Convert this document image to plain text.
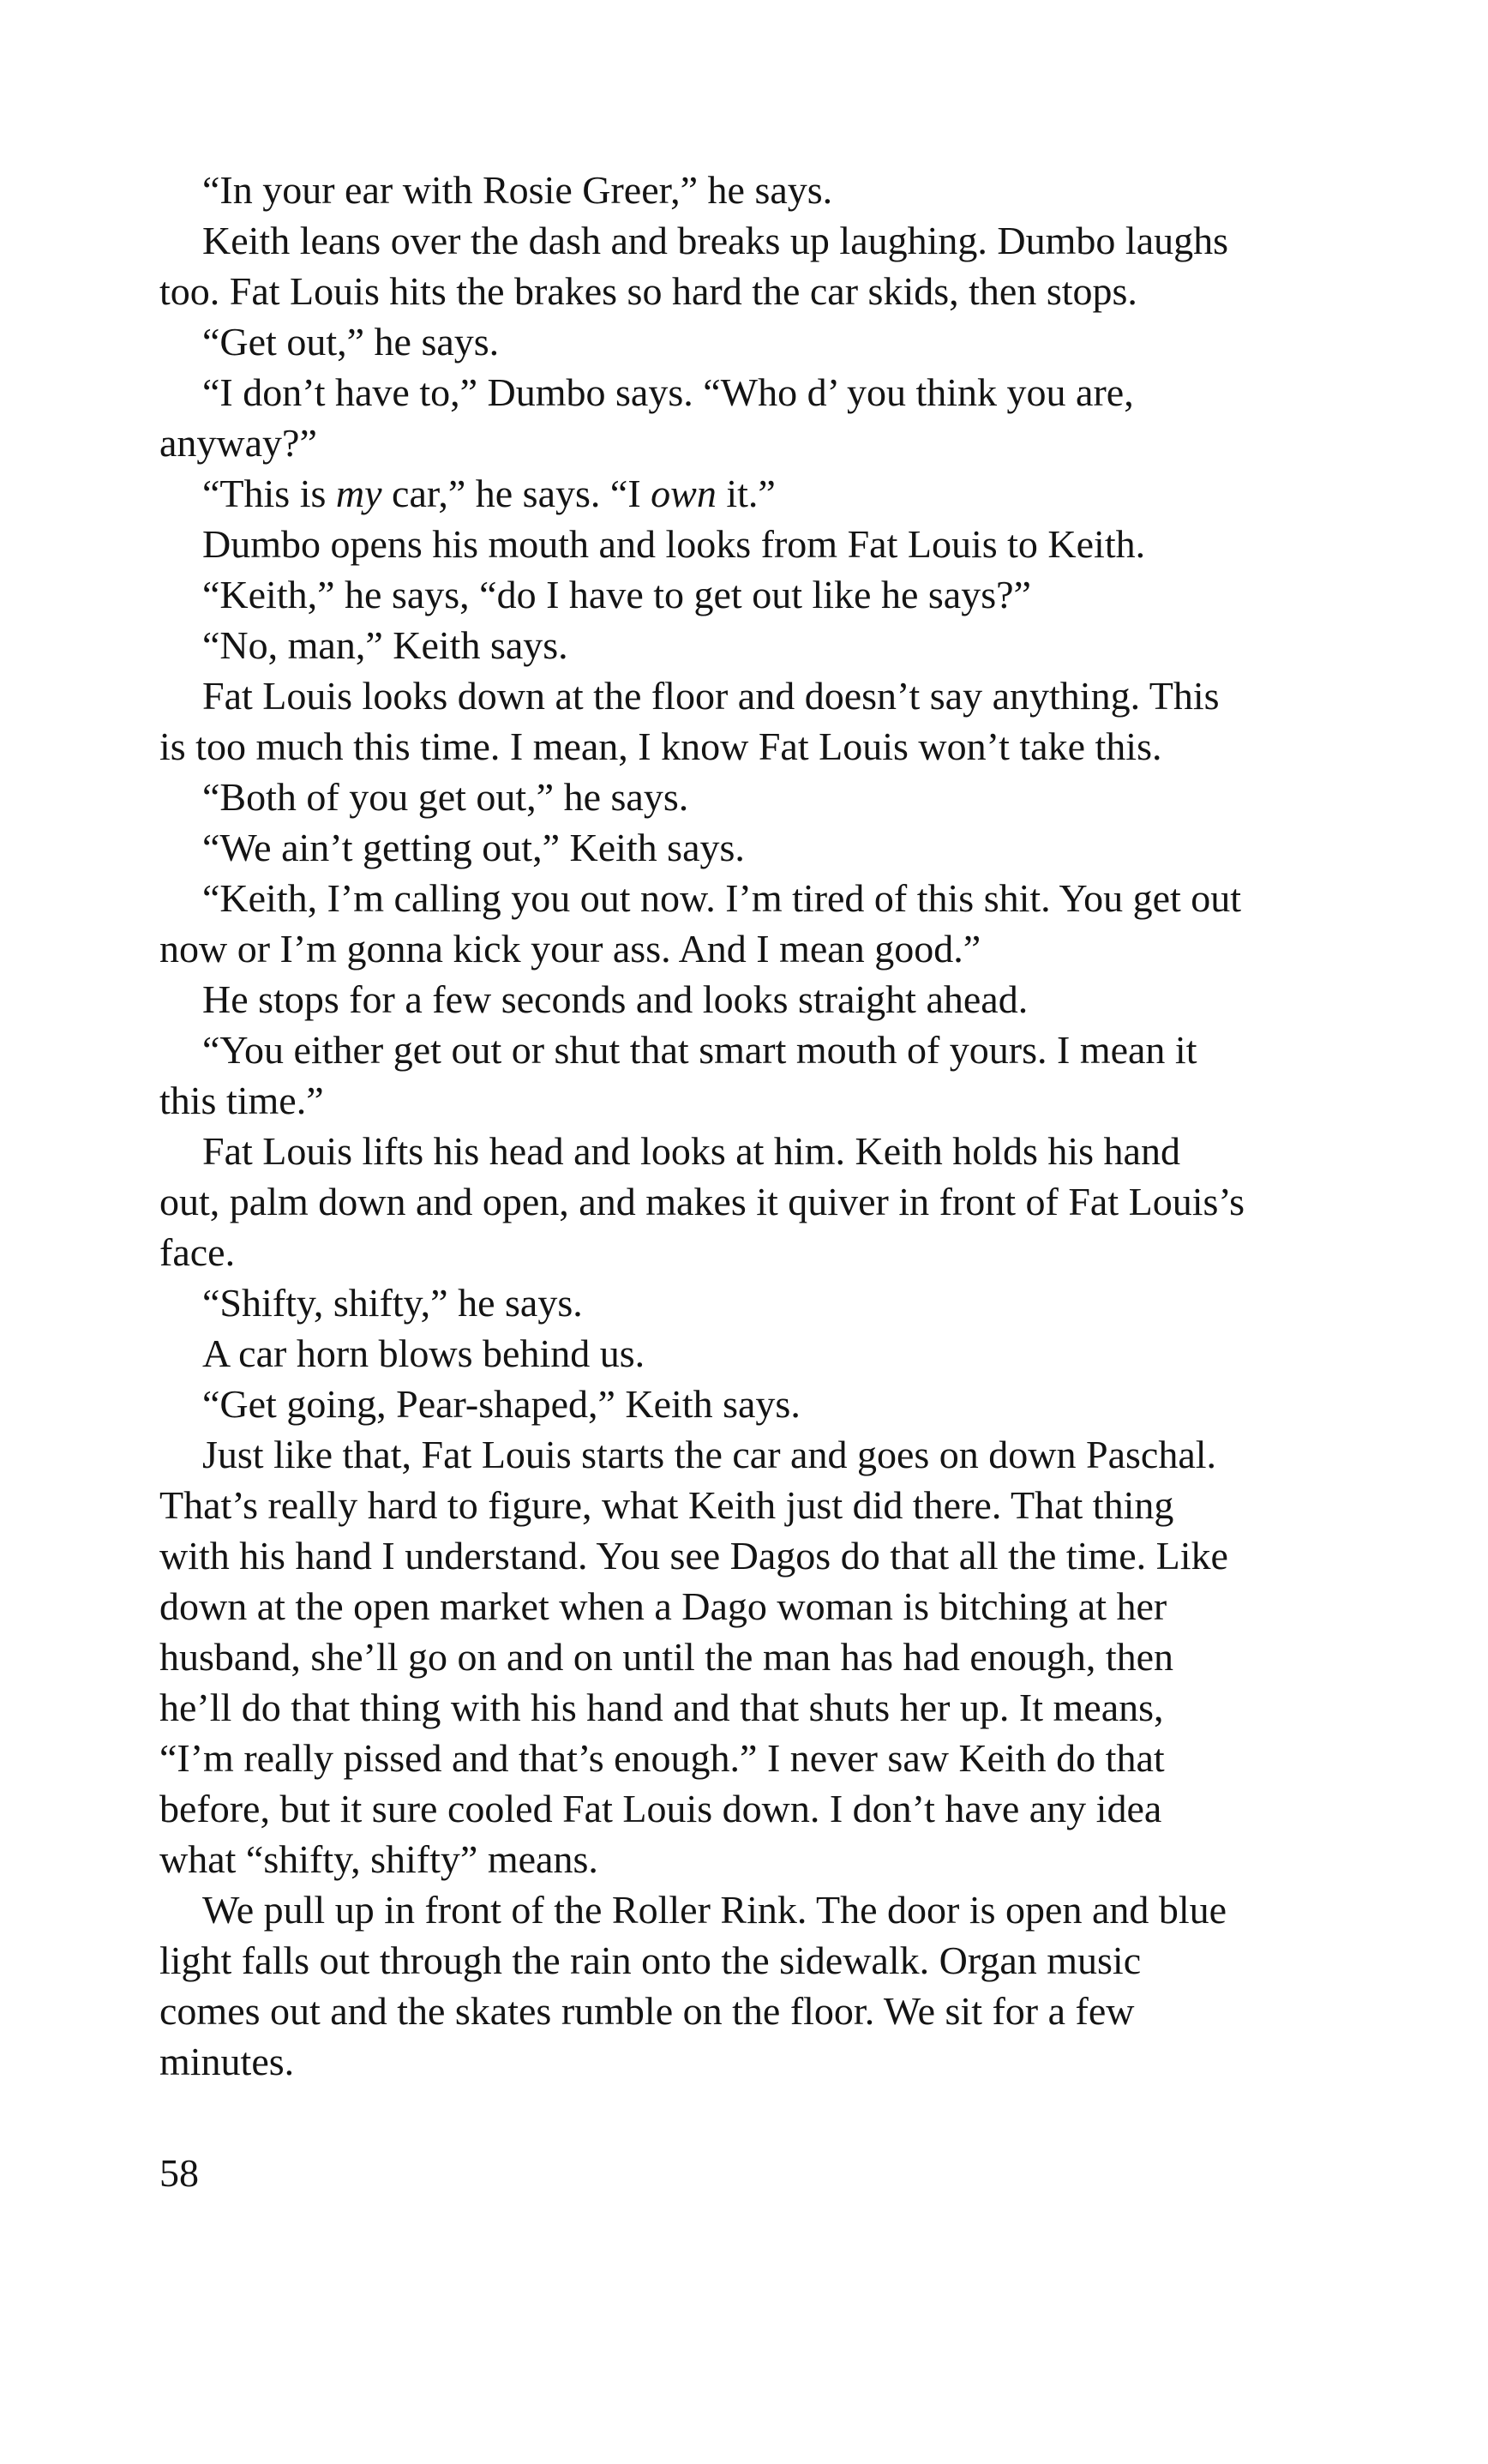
“In your ear with Rosie Greer,” he says.
Keith leans over the dash and breaks up laughing. Dumbo laughs
too. Fat Louis hits the brakes so hard the car skids, then stops.
“Get out,” he says.
“I don’t have to,” Dumbo says. “Who d’ you think you are,
anyway?”
“This is my car,” he says. “I own it.”
Dumbo opens his mouth and looks from Fat Louis to Keith.
“Keith,” he says, “do I have to get out like he says?”
“No, man,” Keith says.
Fat Louis looks down at the floor and doesn’t say anything. This
is too much this time. I mean, I know Fat Louis won’t take this.
“Both of you get out,” he says.
“We ain’t getting out,” Keith says.
“Keith, I’m calling you out now. I’m tired of this shit. You get out
now or I’m gonna kick your ass. And I mean good.”
He stops for a few seconds and looks straight ahead.
“You either get out or shut that smart mouth of yours. I mean it
this time.”
Fat Louis lifts his head and looks at him. Keith holds his hand
out, palm down and open, and makes it quiver in front of Fat Louis’s
face.
“Shifty, shifty,” he says.
A car horn blows behind us.
“Get going, Pear-shaped,” Keith says.
Just like that, Fat Louis starts the car and goes on down Paschal.
That’s really hard to figure, what Keith just did there. That thing
with his hand I understand. You see Dagos do that all the time. Like
down at the open market when a Dago woman is bitching at her
husband, she’ll go on and on until the man has had enough, then
he’ll do that thing with his hand and that shuts her up. It means,
“I’m really pissed and that’s enough.” I never saw Keith do that
before, but it sure cooled Fat Louis down. I don’t have any idea
what “shifty, shifty” means.
We pull up in front of the Roller Rink. The door is open and blue
light falls out through the rain onto the sidewalk. Organ music
comes out and the skates rumble on the floor. We sit for a few
minutes.
58
